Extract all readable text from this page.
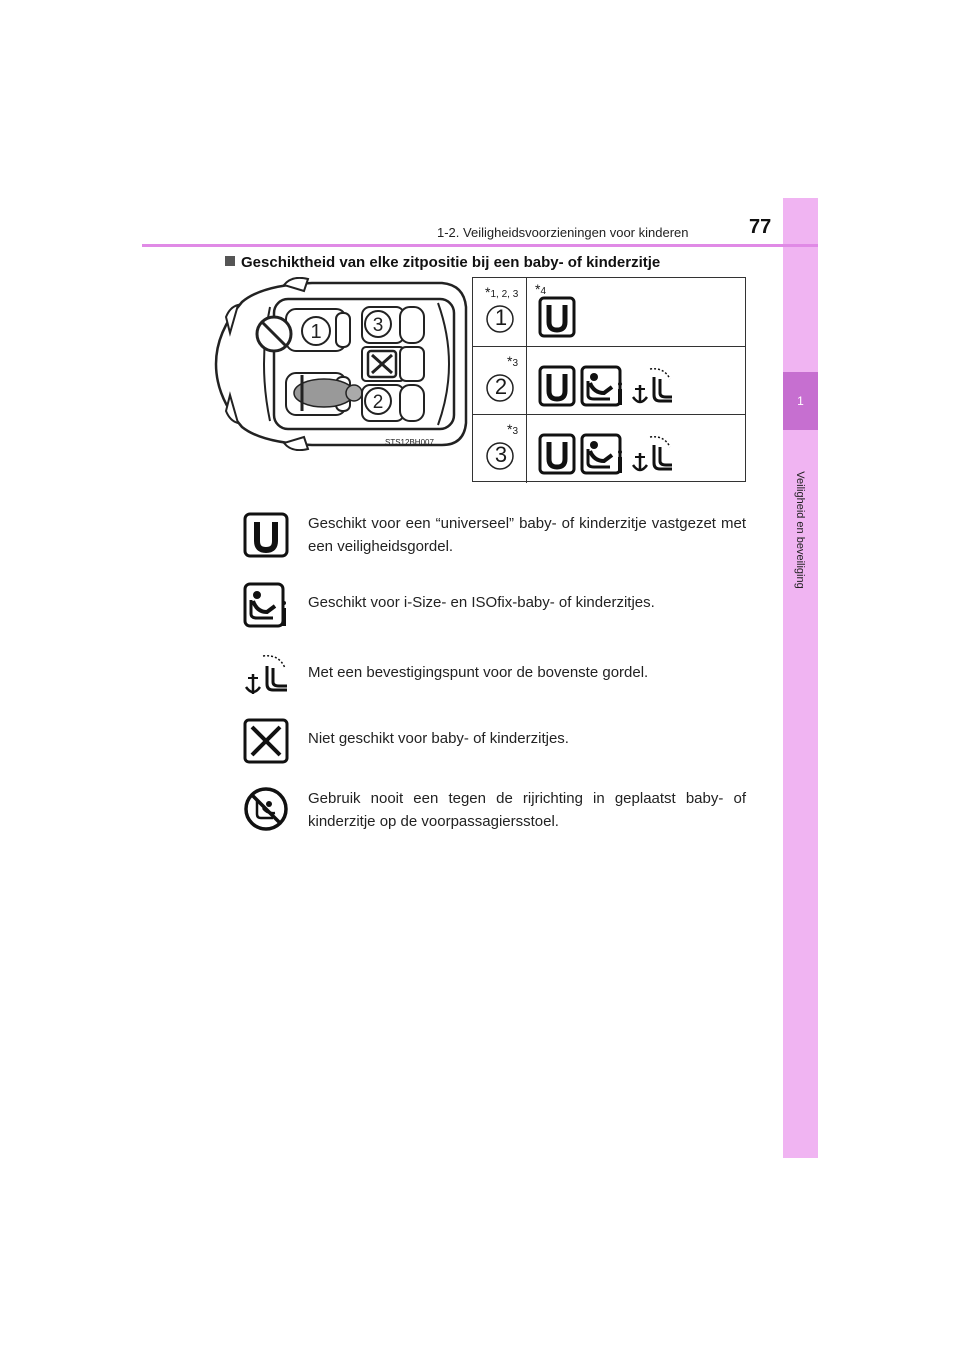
1
Veiligheid en beveiliging
1-2. Veiligheidsvoorzieningen voor kinderen	77
Geschiktheid van elke zitpositie bij een baby- of kinderzitje
1	3
2
STS12BH007
*1, 2, 3
1
*4
*3
2
*3
3
Geschikt voor een “universeel” baby- of kinderzitje vastgezet met een veiligheidsgordel.
Geschikt voor i-Size- en ISOfix-baby- of kinderzitjes.
Met een bevestigingspunt voor de bovenste gordel.
Niet geschikt voor baby- of kinderzitjes.
Gebruik nooit een tegen de rijrichting in geplaatst baby- of kinderzitje op de voorpassagiersstoel.
